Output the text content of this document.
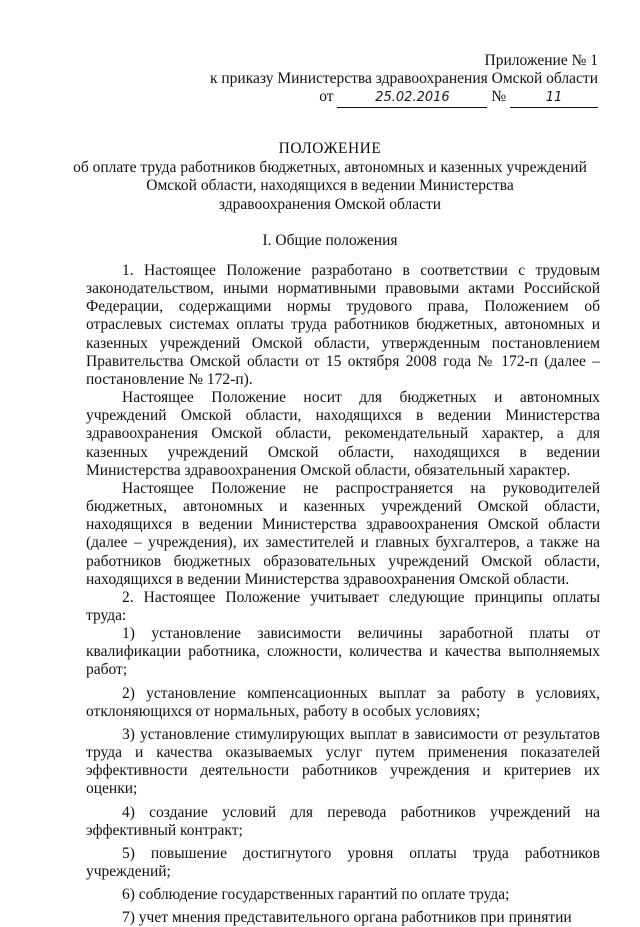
Приложение № 1
к приказу Министерства здравоохранения Омской области
от	25.02.2016	№	11
ПОЛОЖЕНИЕ
об оплате труда работников бюджетных, автономных и казенных учреждений
Омской области, находящихся в ведении Министерства
здравоохранения Омской области
I. Общие положения

1. Настоящее Положение разработано в соответствии с трудовым законодательством, иными нормативными правовыми актами Российской Федерации, содержащими нормы трудового права, Положением об отраслевых системах оплаты труда работников бюджетных, автономных и казенных учреждений Омской области, утвержденным постановлением Правительства Омской области от 15 октября 2008 года № 172-п (далее – постановление № 172-п).

Настоящее Положение носит для бюджетных и автономных учреждений Омской области, находящихся в ведении Министерства здравоохранения Омской области, рекомендательный характер, а для казенных учреждений Омской области, находящихся в ведении Министерства здравоохранения Омской области, обязательный характер.

Настоящее Положение не распространяется на руководителей бюджетных, автономных и казенных учреждений Омской области, находящихся в ведении Министерства здравоохранения Омской области (далее – учреждения), их заместителей и главных бухгалтеров, а также на работников бюджетных образовательных учреждений Омской области, находящихся в ведении Министерства здравоохранения Омской области.

2. Настоящее Положение учитывает следующие принципы оплаты труда:

1) установление зависимости величины заработной платы от квалификации работника, сложности, количества и качества выполняемых работ;

2) установление компенсационных выплат за работу в условиях, отклоняющихся от нормальных, работу в особых условиях;

3) установление стимулирующих выплат в зависимости от результатов труда и качества оказываемых услуг путем применения показателей эффективности деятельности работников учреждения и критериев их оценки;

4) создание условий для перевода работников учреждений на эффективный контракт;

5) повышение достигнутого уровня оплаты труда работников учреждений;

6) соблюдение государственных гарантий по оплате труда;

7) учет мнения представительного органа работников при принятии
